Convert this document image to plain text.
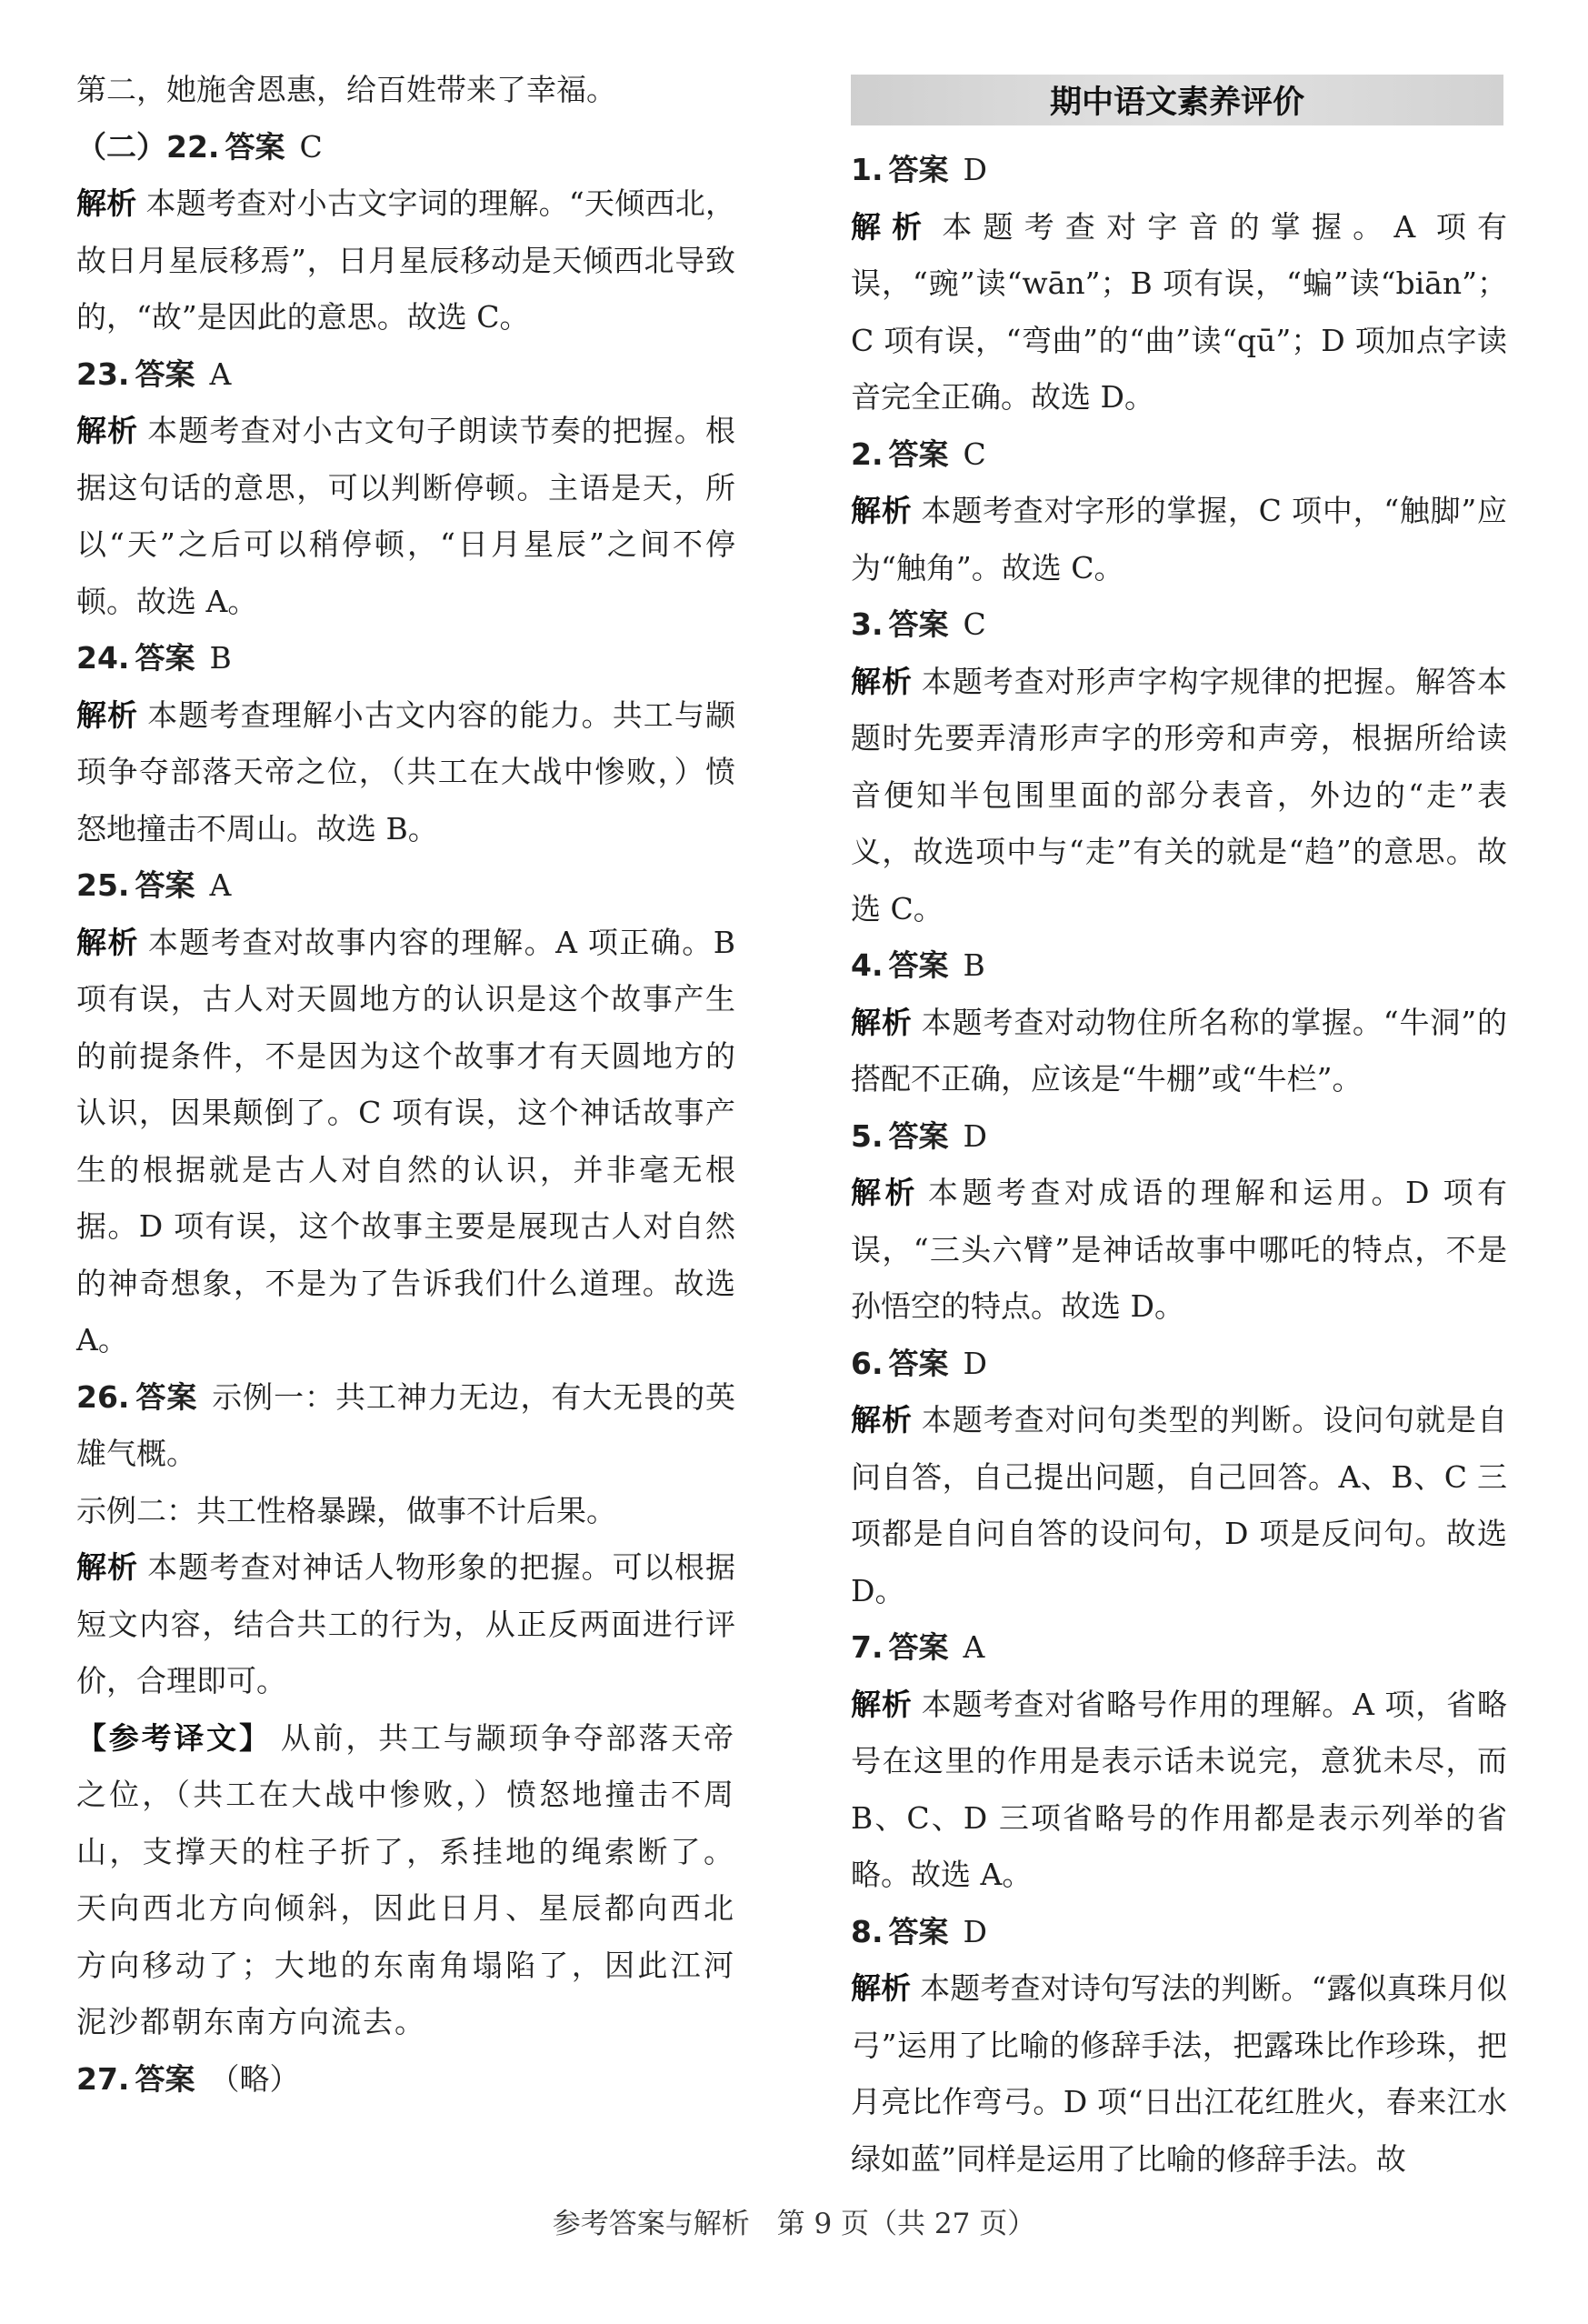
第二，她施舍恩惠，给百姓带来了幸福。

（二）22. 答案 C

解析 本题考查对小古文字词的理解。“天倾西北，故日月星辰移焉”，日月星辰移动是天倾西北导致的，“故”是因此的意思。故选 C。

23. 答案 A

解析 本题考查对小古文句子朗读节奏的把握。根据这句话的意思，可以判断停顿。主语是天，所以“天”之后可以稍停顿，“日月星辰”之间不停顿。故选 A。

24. 答案 B

解析 本题考查理解小古文内容的能力。共工与颛顼争夺部落天帝之位，（共工在大战中惨败，）愤怒地撞击不周山。故选 B。

25. 答案 A

解析 本题考查对故事内容的理解。A 项正确。B 项有误，古人对天圆地方的认识是这个故事产生的前提条件，不是因为这个故事才有天圆地方的认识，因果颠倒了。C 项有误，这个神话故事产生的根据就是古人对自然的认识，并非毫无根据。D 项有误，这个故事主要是展现古人对自然的神奇想象，不是为了告诉我们什么道理。故选 A。

26. 答案 示例一：共工神力无边，有大无畏的英雄气概。

示例二：共工性格暴躁，做事不计后果。

解析 本题考查对神话人物形象的把握。可以根据短文内容，结合共工的行为，从正反两面进行评价，合理即可。

【参考译文】 从前，共工与颛顼争夺部落天帝之位，（共工在大战中惨败，）愤怒地撞击不周山，支撑天的柱子折了，系挂地的绳索断了。天向西北方向倾斜，因此日月、星辰都向西北方向移动了；大地的东南角塌陷了，因此江河泥沙都朝东南方向流去。

27. 答案 （略）

期中语文素养评价

1. 答案 D

解析 本题考查对字音的掌握。A 项有误，“豌”读“wān”；B 项有误，“蝙”读“biān”；C 项有误，“弯曲”的“曲”读“qū”；D 项加点字读音完全正确。故选 D。

2. 答案 C

解析 本题考查对字形的掌握，C 项中，“触脚”应为“触角”。故选 C。

3. 答案 C

解析 本题考查对形声字构字规律的把握。解答本题时先要弄清形声字的形旁和声旁，根据所给读音便知半包围里面的部分表音，外边的“走”表义，故选项中与“走”有关的就是“趋”的意思。故选 C。

4. 答案 B

解析 本题考查对动物住所名称的掌握。“牛洞”的搭配不正确，应该是“牛棚”或“牛栏”。

5. 答案 D

解析 本题考查对成语的理解和运用。D 项有误，“三头六臂”是神话故事中哪吒的特点，不是孙悟空的特点。故选 D。

6. 答案 D

解析 本题考查对问句类型的判断。设问句就是自问自答，自己提出问题，自己回答。A、B、C 三项都是自问自答的设问句，D 项是反问句。故选 D。

7. 答案 A

解析 本题考查对省略号作用的理解。A 项，省略号在这里的作用是表示话未说完，意犹未尽，而 B、C、D 三项省略号的作用都是表示列举的省略。故选 A。

8. 答案 D

解析 本题考查对诗句写法的判断。“露似真珠月似弓”运用了比喻的修辞手法，把露珠比作珍珠，把月亮比作弯弓。D 项“日出江花红胜火，春来江水绿如蓝”同样是运用了比喻的修辞手法。故

参考答案与解析 第 9 页（共 27 页）
